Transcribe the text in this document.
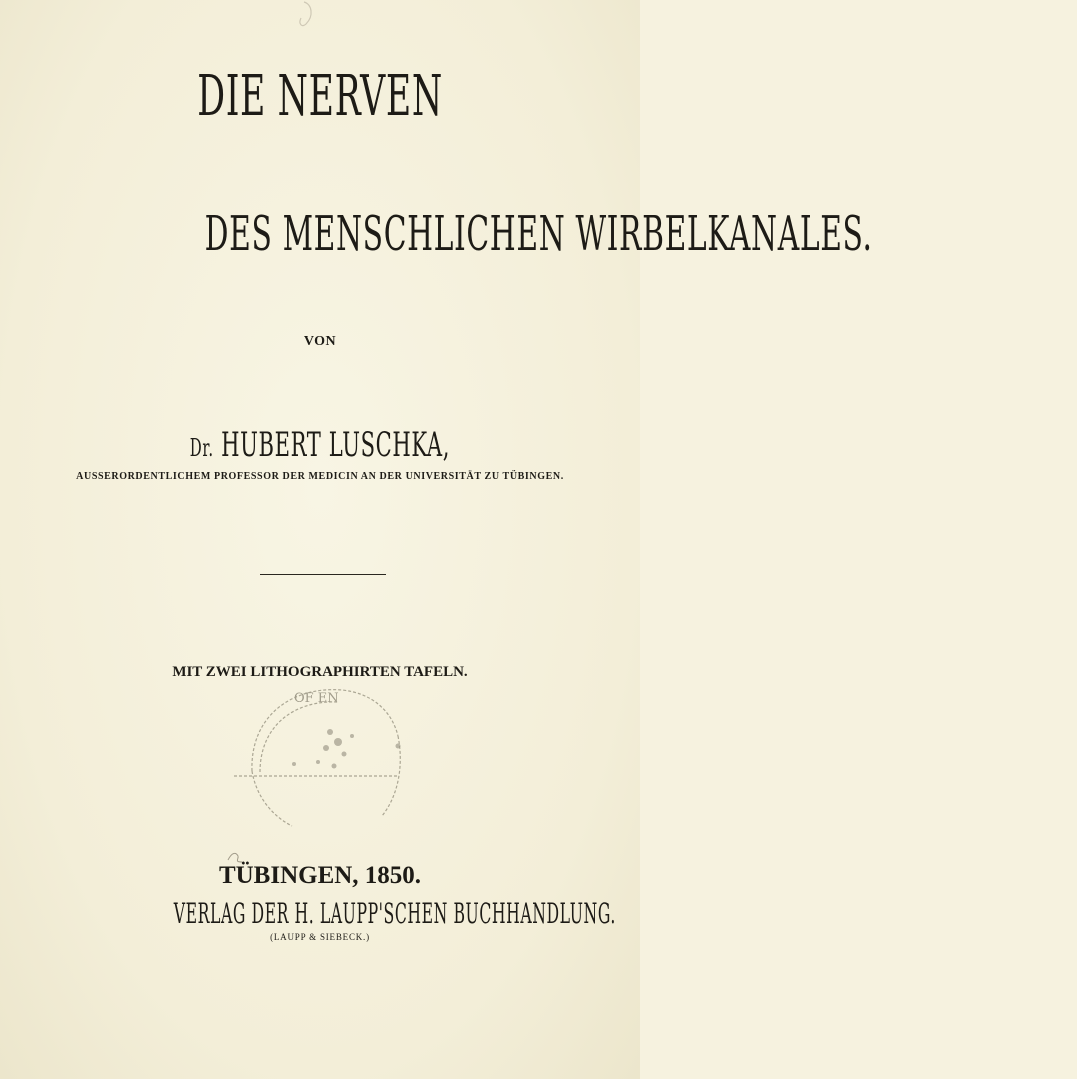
DIE NERVEN
DES MENSCHLICHEN WIRBELKANALES.
VON
Dr. HUBERT LUSCHKA,
AUSSERORDENTLICHEM PROFESSOR DER MEDICIN AN DER UNIVERSITÄT ZU TÜBINGEN.
MIT ZWEI LITHOGRAPHIRTEN TAFELN.
OF EN
TÜBINGEN, 1850.
VERLAG DER H. LAUPP'SCHEN BUCHHANDLUNG.
(LAUPP & SIEBECK.)
